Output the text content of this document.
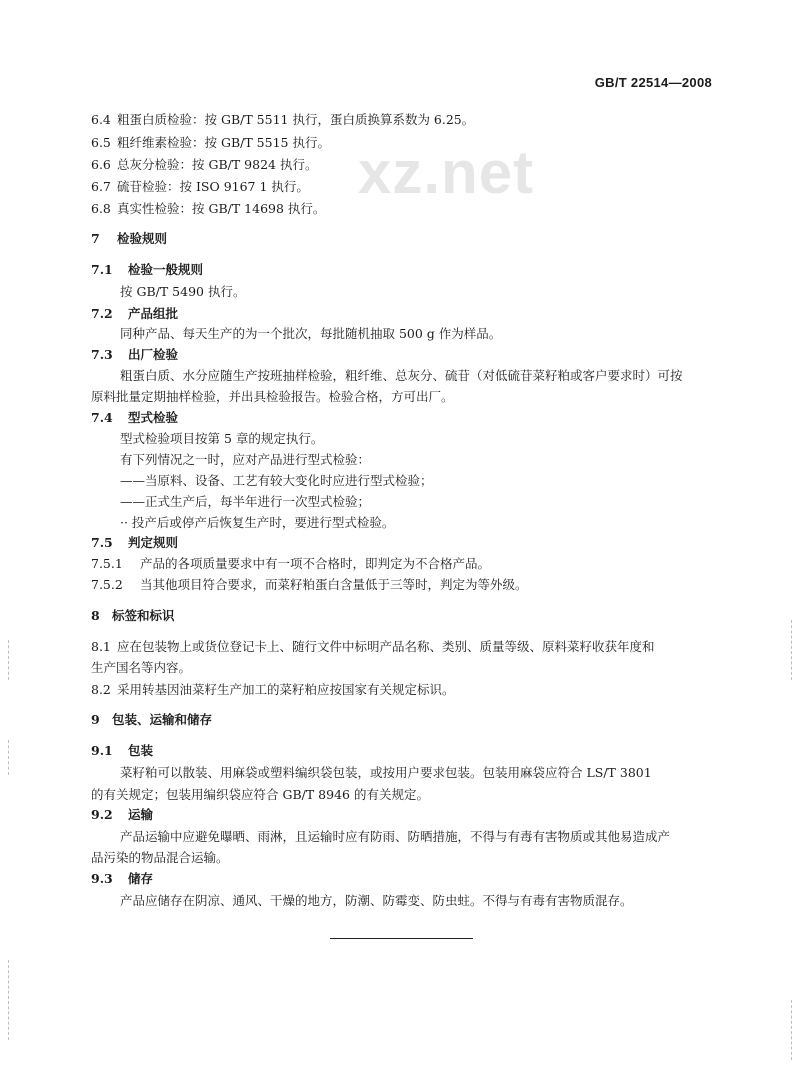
GB/T 22514—2008
xz.net
6.4 粗蛋白质检验：按 GB/T 5511 执行，蛋白质换算系数为 6.25。
6.5 粗纤维素检验：按 GB/T 5515 执行。
6.6 总灰分检验：按 GB/T 9824 执行。
6.7 硫苷检验：按 ISO 9167 1 执行。
6.8 真实性检验：按 GB/T 14698 执行。
7 检验规则
7.1 检验一般规则
按 GB/T 5490 执行。
7.2 产品组批
同种产品、每天生产的为一个批次，每批随机抽取 500 g 作为样品。
7.3 出厂检验
粗蛋白质、水分应随生产按班抽样检验，粗纤维、总灰分、硫苷（对低硫苷菜籽粕或客户要求时）可按
原料批量定期抽样检验，并出具检验报告。检验合格，方可出厂。
7.4 型式检验
型式检验项目按第 5 章的规定执行。
有下列情况之一时，应对产品进行型式检验：
——当原料、设备、工艺有较大变化时应进行型式检验；
——正式生产后，每半年进行一次型式检验；
·· 投产后或停产后恢复生产时，要进行型式检验。
7.5 判定规则
7.5.1 产品的各项质量要求中有一项不合格时，即判定为不合格产品。
7.5.2 当其他项目符合要求，而菜籽粕蛋白含量低于三等时，判定为等外级。
8 标签和标识
8.1 应在包装物上或货位登记卡上、随行文件中标明产品名称、类别、质量等级、原料菜籽收获年度和
生产国名等内容。
8.2 采用转基因油菜籽生产加工的菜籽粕应按国家有关规定标识。
9 包装、运输和储存
9.1 包装
菜籽粕可以散装、用麻袋或塑料编织袋包装，或按用户要求包装。包装用麻袋应符合 LS/T 3801
的有关规定；包装用编织袋应符合 GB/T 8946 的有关规定。
9.2 运输
产品运输中应避免曝晒、雨淋，且运输时应有防雨、防晒措施，不得与有毒有害物质或其他易造成产
品污染的物品混合运输。
9.3 储存
产品应储存在阴凉、通风、干燥的地方，防潮、防霉变、防虫蛀。不得与有毒有害物质混存。
